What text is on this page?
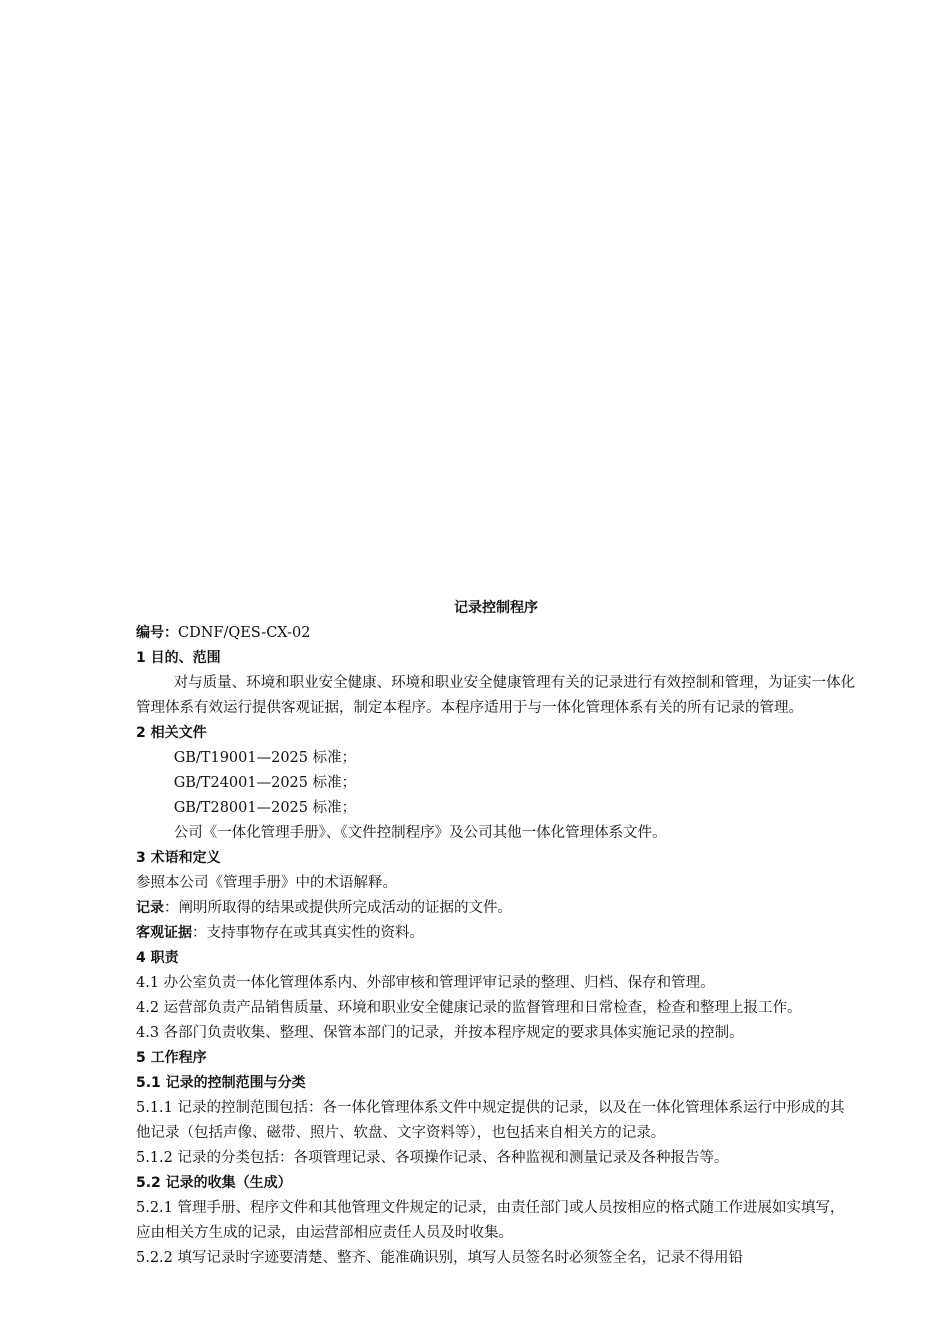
记录控制程序

编号：CDNF/QES-CX-02

1 目的、范围

对与质量、环境和职业安全健康、环境和职业安全健康管理有关的记录进行有效控制和管理，为证实一体化管理体系有效运行提供客观证据，制定本程序。本程序适用于与一体化管理体系有关的所有记录的管理。

2 相关文件

GB/T19001—2025 标准；

GB/T24001—2025 标准；

GB/T28001—2025 标准；

公司《一体化管理手册》、《文件控制程序》及公司其他一体化管理体系文件。

3 术语和定义

参照本公司《管理手册》中的术语解释。

记录：阐明所取得的结果或提供所完成活动的证据的文件。

客观证据：支持事物存在或其真实性的资料。

4 职责

4.1 办公室负责一体化管理体系内、外部审核和管理评审记录的整理、归档、保存和管理。

4.2 运营部负责产品销售质量、环境和职业安全健康记录的监督管理和日常检查，检查和整理上报工作。

4.3 各部门负责收集、整理、保管本部门的记录，并按本程序规定的要求具体实施记录的控制。

5 工作程序

5.1 记录的控制范围与分类

5.1.1 记录的控制范围包括：各一体化管理体系文件中规定提供的记录，以及在一体化管理体系运行中形成的其他记录（包括声像、磁带、照片、软盘、文字资料等），也包括来自相关方的记录。

5.1.2 记录的分类包括：各项管理记录、各项操作记录、各种监视和测量记录及各种报告等。

5.2 记录的收集（生成）

5.2.1 管理手册、程序文件和其他管理文件规定的记录，由责任部门或人员按相应的格式随工作进展如实填写，应由相关方生成的记录，由运营部相应责任人员及时收集。

5.2.2 填写记录时字迹要清楚、整齐、能准确识别，填写人员签名时必须签全名，记录不得用铅
